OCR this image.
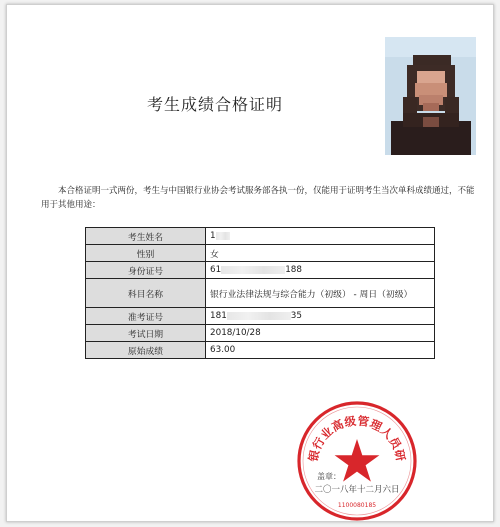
考生成绩合格证明
本合格证明一式两份，考生与中国银行业协会考试服务部各执一份，仅能用于证明考生当次单科成绩通过，不能用于其他用途：
考生姓名	1
性别	女
身份证号	61 188
科目名称	银行业法律法规与综合能力（初级） - 周日（初级）
准考证号	181 35
考试日期	2018/10/28
原始成绩	63.00
银行业高级管理人员研
盖章：
二〇一八年十二月六日
1100080185
